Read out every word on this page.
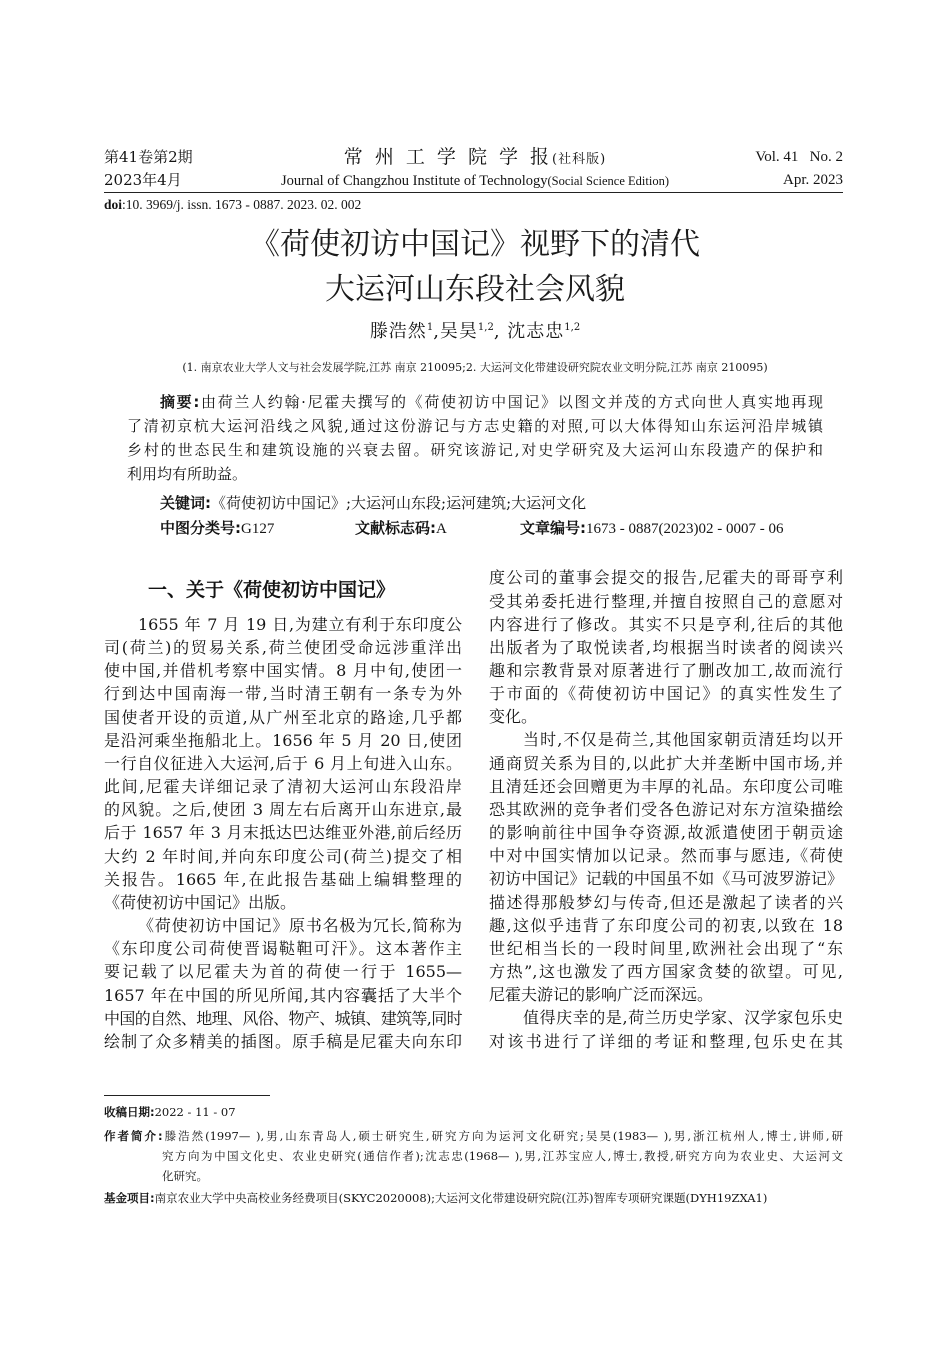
第41卷第2期	常 州 工 学 院 学 报(社科版)	Vol. 41   No. 2
2023年4月	Journal of Changzhou Institute of Technology(Social Science Edition)	Apr. 2023
doi:10. 3969/j. issn. 1673 - 0887. 2023. 02. 002
《荷使初访中国记》视野下的清代
大运河山东段社会风貌
滕浩然$^1$,吴昊$^{1,2}$, 沈志忠$^{1,2}$
(1. 南京农业大学人文与社会发展学院,江苏 南京 210095;2. 大运河文化带建设研究院农业文明分院,江苏 南京 210095)
摘要:由荷兰人约翰·尼霍夫撰写的《荷使初访中国记》以图文并茂的方式向世人真实地再现
了清初京杭大运河沿线之风貌,通过这份游记与方志史籍的对照,可以大体得知山东运河沿岸城镇
乡村的世态民生和建筑设施的兴衰去留。研究该游记,对史学研究及大运河山东段遗产的保护和
利用均有所助益。
关键词:《荷使初访中国记》;大运河山东段;运河建筑;大运河文化
中图分类号:G127	文献标志码:A	文章编号:1673 - 0887(2023)02 - 0007 - 06
一、关于《荷使初访中国记》
1655 年 7 月 19 日,为建立有利于东印度公
司(荷兰)的贸易关系,荷兰使团受命远涉重洋出
使中国,并借机考察中国实情。8 月中旬,使团一
行到达中国南海一带,当时清王朝有一条专为外
国使者开设的贡道,从广州至北京的路途,几乎都
是沿河乘坐拖船北上。1656 年 5 月 20 日,使团
一行自仪征进入大运河,后于 6 月上旬进入山东。
此间,尼霍夫详细记录了清初大运河山东段沿岸
的风貌。之后,使团 3 周左右后离开山东进京,最
后于 1657 年 3 月末抵达巴达维亚外港,前后经历
大约 2 年时间,并向东印度公司(荷兰)提交了相
关报告。1665 年,在此报告基础上编辑整理的
《荷使初访中国记》出版。
《荷使初访中国记》原书名极为冗长,简称为
《东印度公司荷使晋谒鞑靼可汗》。这本著作主
要记载了以尼霍夫为首的荷使一行于 1655—
1657 年在中国的所见所闻,其内容囊括了大半个
中国的自然、地理、风俗、物产、城镇、建筑等,同时
绘制了众多精美的插图。原手稿是尼霍夫向东印
度公司的董事会提交的报告,尼霍夫的哥哥亨利
受其弟委托进行整理,并擅自按照自己的意愿对
内容进行了修改。其实不只是亨利,往后的其他
出版者为了取悦读者,均根据当时读者的阅读兴
趣和宗教背景对原著进行了删改加工,故而流行
于市面的《荷使初访中国记》的真实性发生了
变化。
当时,不仅是荷兰,其他国家朝贡清廷均以开
通商贸关系为目的,以此扩大并垄断中国市场,并
且清廷还会回赠更为丰厚的礼品。东印度公司唯
恐其欧洲的竞争者们受各色游记对东方渲染描绘
的影响前往中国争夺资源,故派遣使团于朝贡途
中对中国实情加以记录。然而事与愿违,《荷使
初访中国记》记载的中国虽不如《马可波罗游记》
描述得那般梦幻与传奇,但还是激起了读者的兴
趣,这似乎违背了东印度公司的初衷,以致在 18
世纪相当长的一段时间里,欧洲社会出现了“东
方热”,这也激发了西方国家贪婪的欲望。可见,
尼霍夫游记的影响广泛而深远。
值得庆幸的是,荷兰历史学家、汉学家包乐史
对该书进行了详细的考证和整理,包乐史在其
收稿日期:2022 - 11 - 07
作者简介:滕浩然(1997— ),男,山东青岛人,硕士研究生,研究方向为运河文化研究;吴昊(1983— ),男,浙江杭州人,博士,讲师,研
究方向为中国文化史、农业史研究(通信作者);沈志忠(1968— ),男,江苏宝应人,博士,教授,研究方向为农业史、大运河文
化研究。
基金项目:南京农业大学中央高校业务经费项目(SKYC2020008);大运河文化带建设研究院(江苏)智库专项研究课题(DYH19ZXA1)
